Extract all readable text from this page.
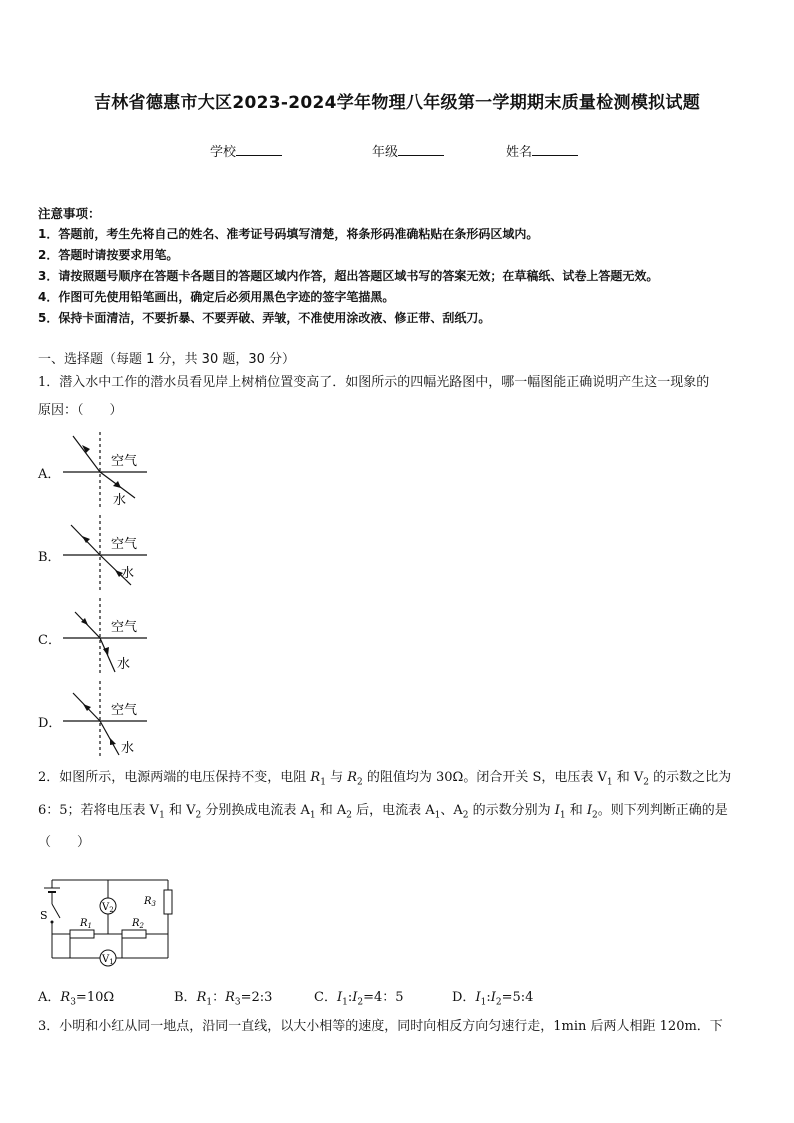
吉林省德惠市大区2023-2024学年物理八年级第一学期期末质量检测模拟试题
学校	年级	姓名
注意事项：
1．答题前，考生先将自己的姓名、准考证号码填写清楚，将条形码准确粘贴在条形码区域内。
2．答题时请按要求用笔。
3．请按照题号顺序在答题卡各题目的答题区域内作答，超出答题区域书写的答案无效；在草稿纸、试卷上答题无效。
4．作图可先使用铅笔画出，确定后必须用黑色字迹的签字笔描黑。
5．保持卡面清洁，不要折暴、不要弄破、弄皱，不准使用涂改液、修正带、刮纸刀。
一、选择题（每题 1 分，共 30 题，30 分）
1．潜入水中工作的潜水员看见岸上树梢位置变高了．如图所示的四幅光路图中，哪一幅图能正确说明产生这一现象的
原因：（　　）
A．
B．
C．
D．
空气
水
空气
水
空气
水
空气
水
2．如图所示，电源两端的电压保持不变，电阻 $R_1$ 与 $R_2$ 的阻值均为 30Ω。闭合开关 S，电压表 $V_1$ 和 $V_2$ 的示数之比为
6：5；若将电压表 $V_1$ 和 $V_2$ 分别换成电流表 $A_1$ 和 $A_2$ 后，电流表 $A_1$、$A_2$ 的示数分别为 $I_1$ 和 $I_2$。则下列判断正确的是
（　　）
S
$R_1$	$R_2$
$R_3$
$V_2$
$V_1$
A．$R_3=10\Omega$	B．$R_1$：$R_3=2:3$	C．$I_1:I_2=4$：5	D．$I_1:I_2=5:4$
3．小明和小红从同一地点，沿同一直线，以大小相等的速度，同时向相反方向匀速行走，1min 后两人相距 120m．下
